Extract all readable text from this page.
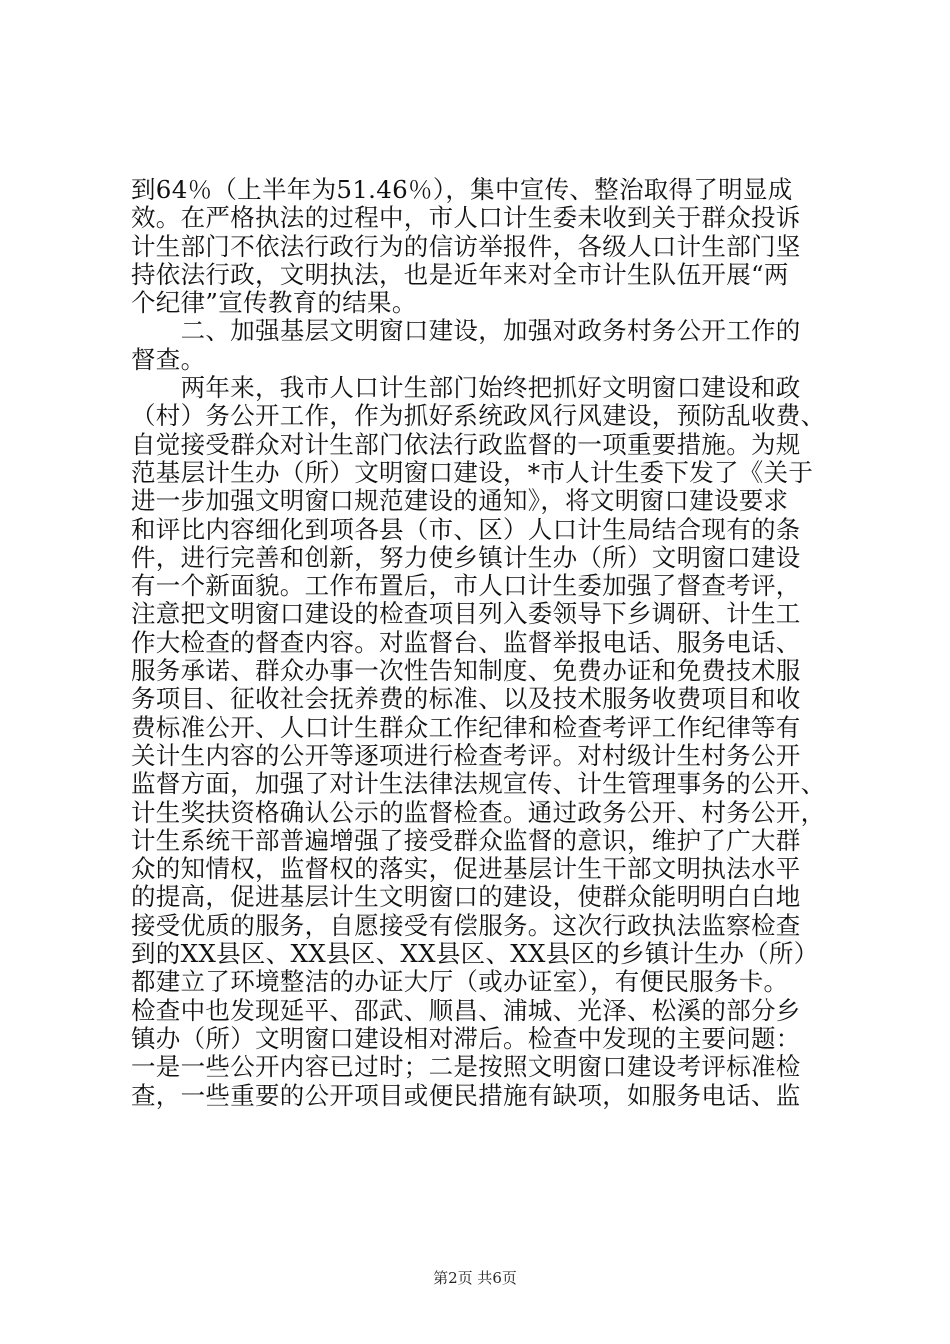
到64％（上半年为51.46％），集中宣传、整治取得了明显成
效。在严格执法的过程中，市人口计生委未收到关于群众投诉
计生部门不依法行政行为的信访举报件，各级人口计生部门坚
持依法行政，文明执法，也是近年来对全市计生队伍开展“两
个纪律”宣传教育的结果。
　　二、加强基层文明窗口建设，加强对政务村务公开工作的
督查。
　　两年来，我市人口计生部门始终把抓好文明窗口建设和政
（村）务公开工作，作为抓好系统政风行风建设，预防乱收费、
自觉接受群众对计生部门依法行政监督的一项重要措施。为规
范基层计生办（所）文明窗口建设，*市人计生委下发了《关于
进一步加强文明窗口规范建设的通知》，将文明窗口建设要求
和评比内容细化到项各县（市、区）人口计生局结合现有的条
件，进行完善和创新，努力使乡镇计生办（所）文明窗口建设
有一个新面貌。工作布置后，市人口计生委加强了督查考评，
注意把文明窗口建设的检查项目列入委领导下乡调研、计生工
作大检查的督查内容。对监督台、监督举报电话、服务电话、
服务承诺、群众办事一次性告知制度、免费办证和免费技术服
务项目、征收社会抚养费的标准、以及技术服务收费项目和收
费标准公开、人口计生群众工作纪律和检查考评工作纪律等有
关计生内容的公开等逐项进行检查考评。对村级计生村务公开
监督方面，加强了对计生法律法规宣传、计生管理事务的公开、
计生奖扶资格确认公示的监督检查。通过政务公开、村务公开，
计生系统干部普遍增强了接受群众监督的意识，维护了广大群
众的知情权，监督权的落实，促进基层计生干部文明执法水平
的提高，促进基层计生文明窗口的建设，使群众能明明白白地
接受优质的服务，自愿接受有偿服务。这次行政执法监察检查
到的XX县区、XX县区、XX县区、XX县区的乡镇计生办（所）
都建立了环境整洁的办证大厅（或办证室），有便民服务卡。
检查中也发现延平、邵武、顺昌、浦城、光泽、松溪的部分乡
镇办（所）文明窗口建设相对滞后。检查中发现的主要问题：
一是一些公开内容已过时；二是按照文明窗口建设考评标准检
查，一些重要的公开项目或便民措施有缺项，如服务电话、监
第2页 共6页
